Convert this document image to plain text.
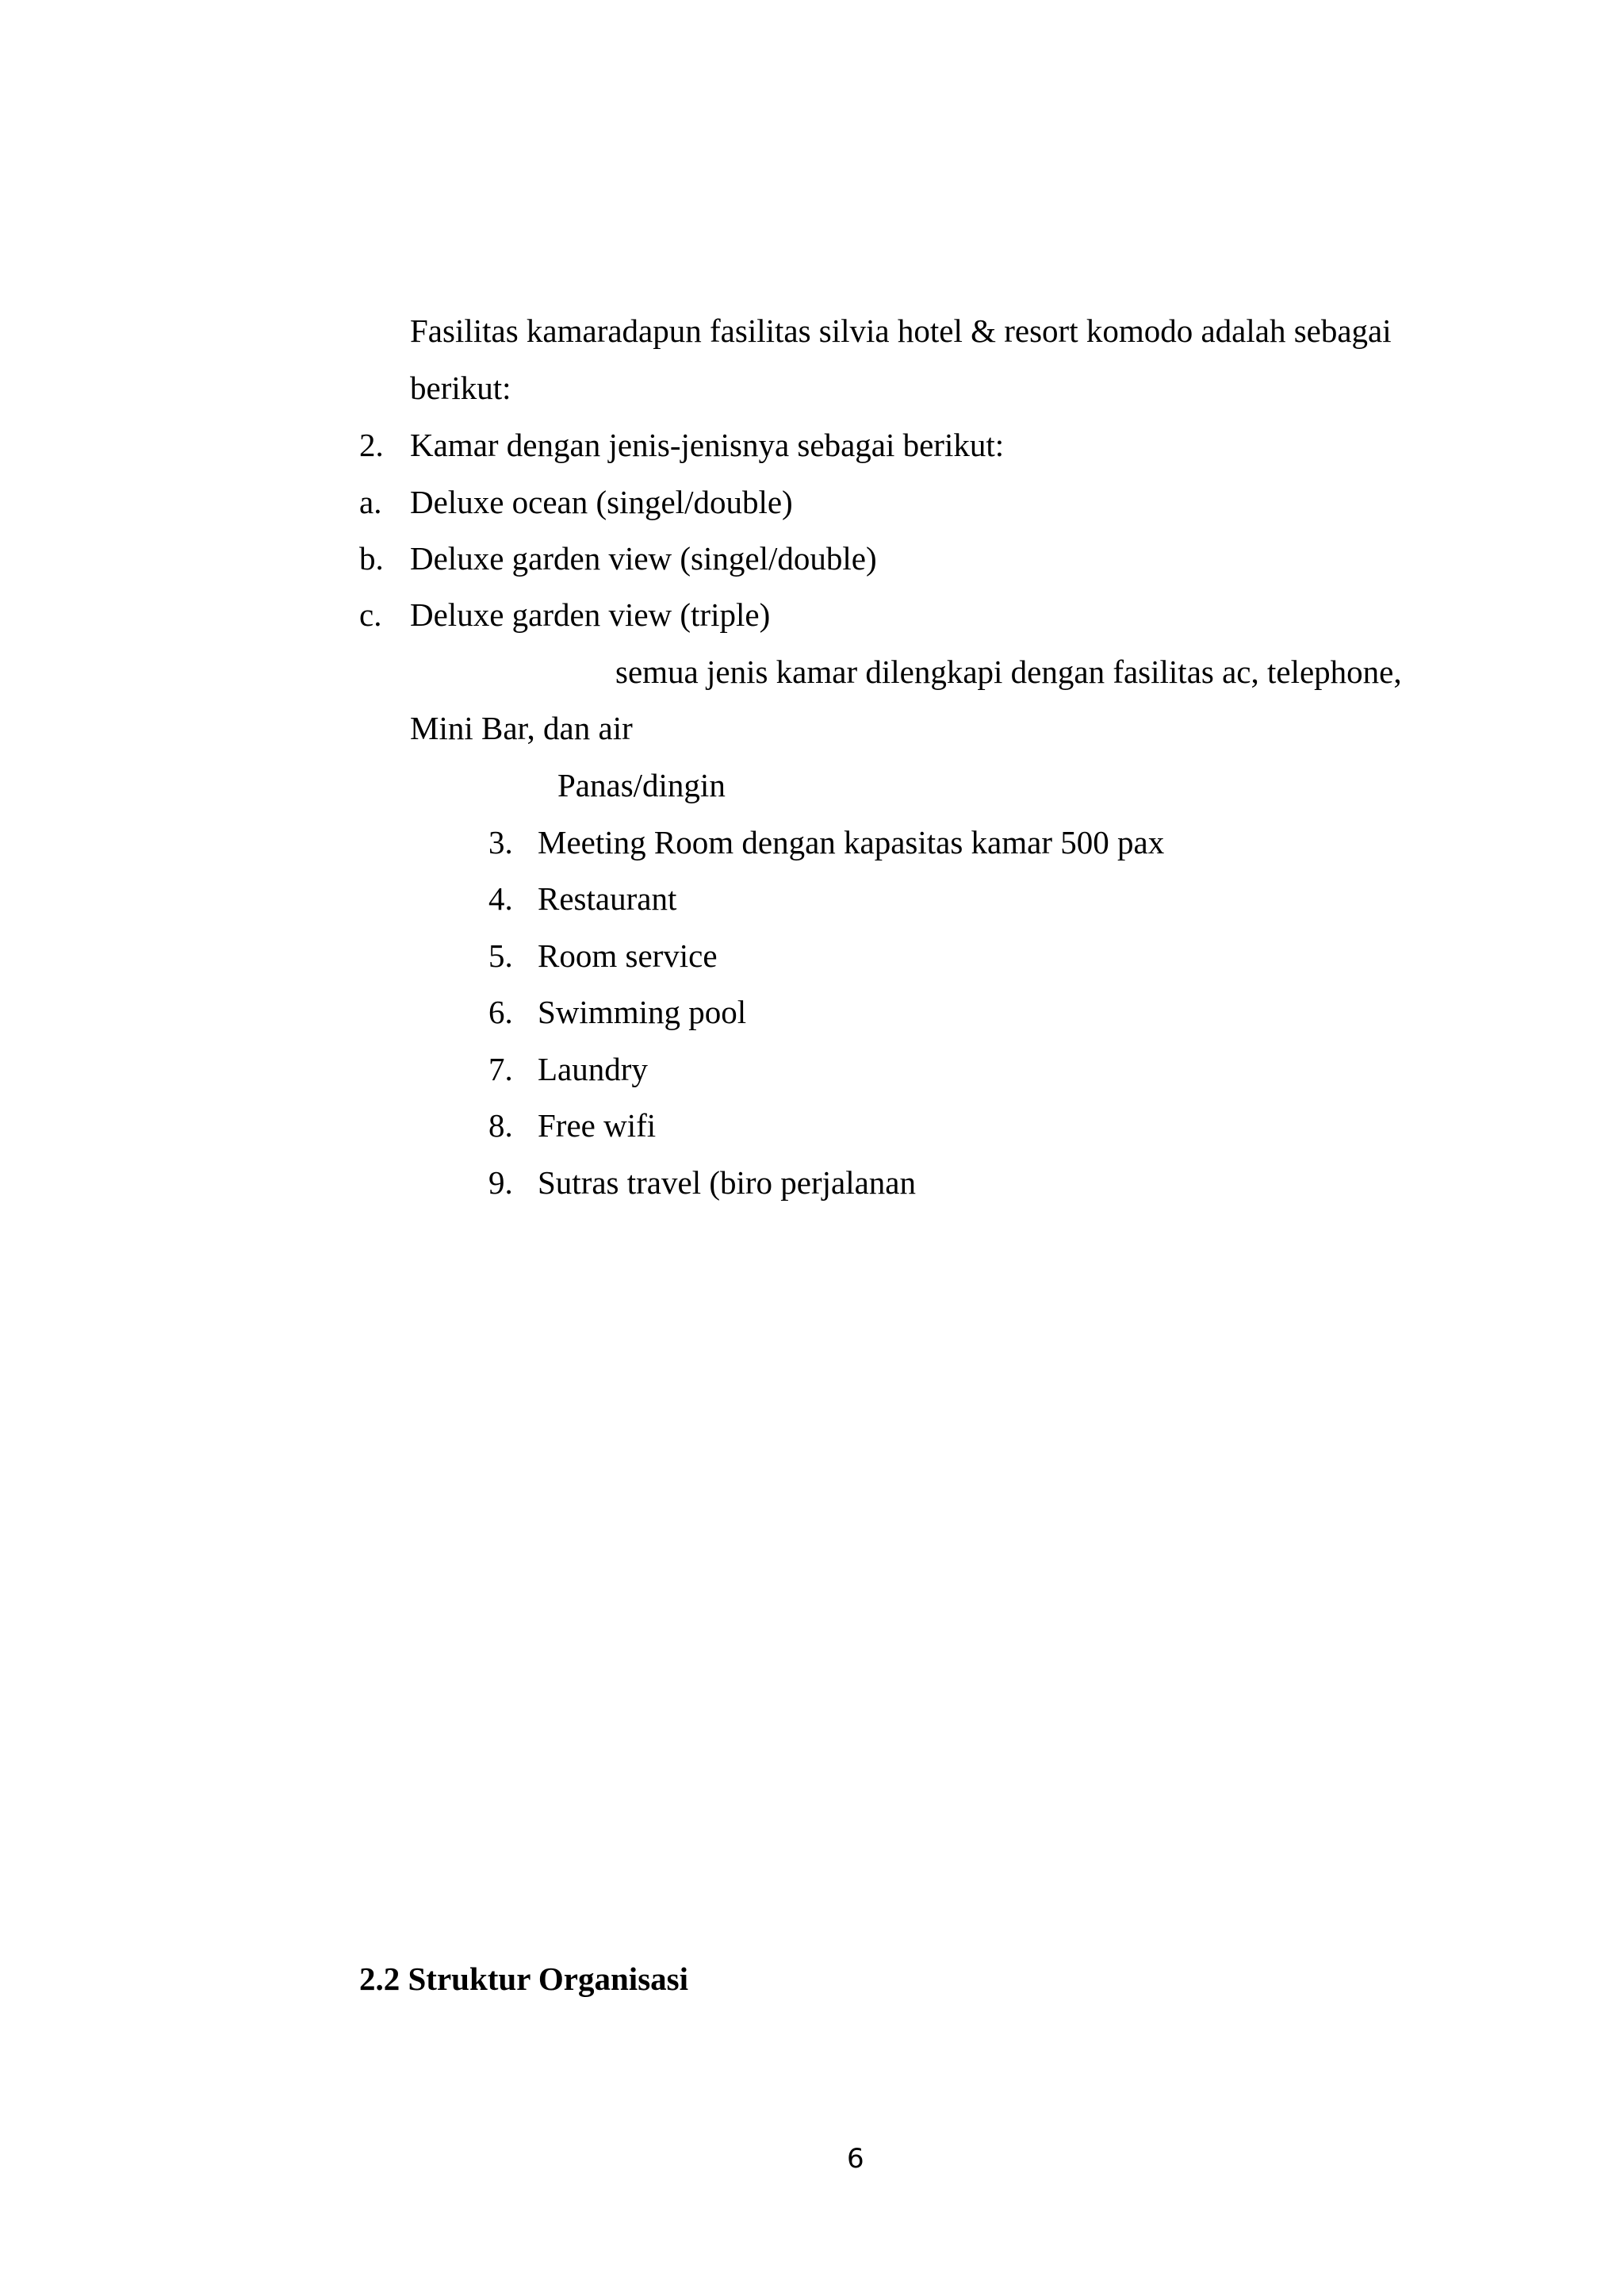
Fasilitas kamaradapun fasilitas silvia hotel & resort komodo adalah sebagai
berikut:
2. Kamar dengan jenis-jenisnya sebagai berikut:
a. Deluxe ocean (singel/double)
b. Deluxe garden view (singel/double)
c. Deluxe garden view (triple)
semua jenis kamar dilengkapi dengan fasilitas ac, telephone,
Mini Bar, dan air
Panas/dingin
3. Meeting Room dengan kapasitas kamar 500 pax
4. Restaurant
5. Room service
6. Swimming pool
7. Laundry
8. Free wifi
9. Sutras travel (biro perjalanan
2.2 Struktur Organisasi
6
